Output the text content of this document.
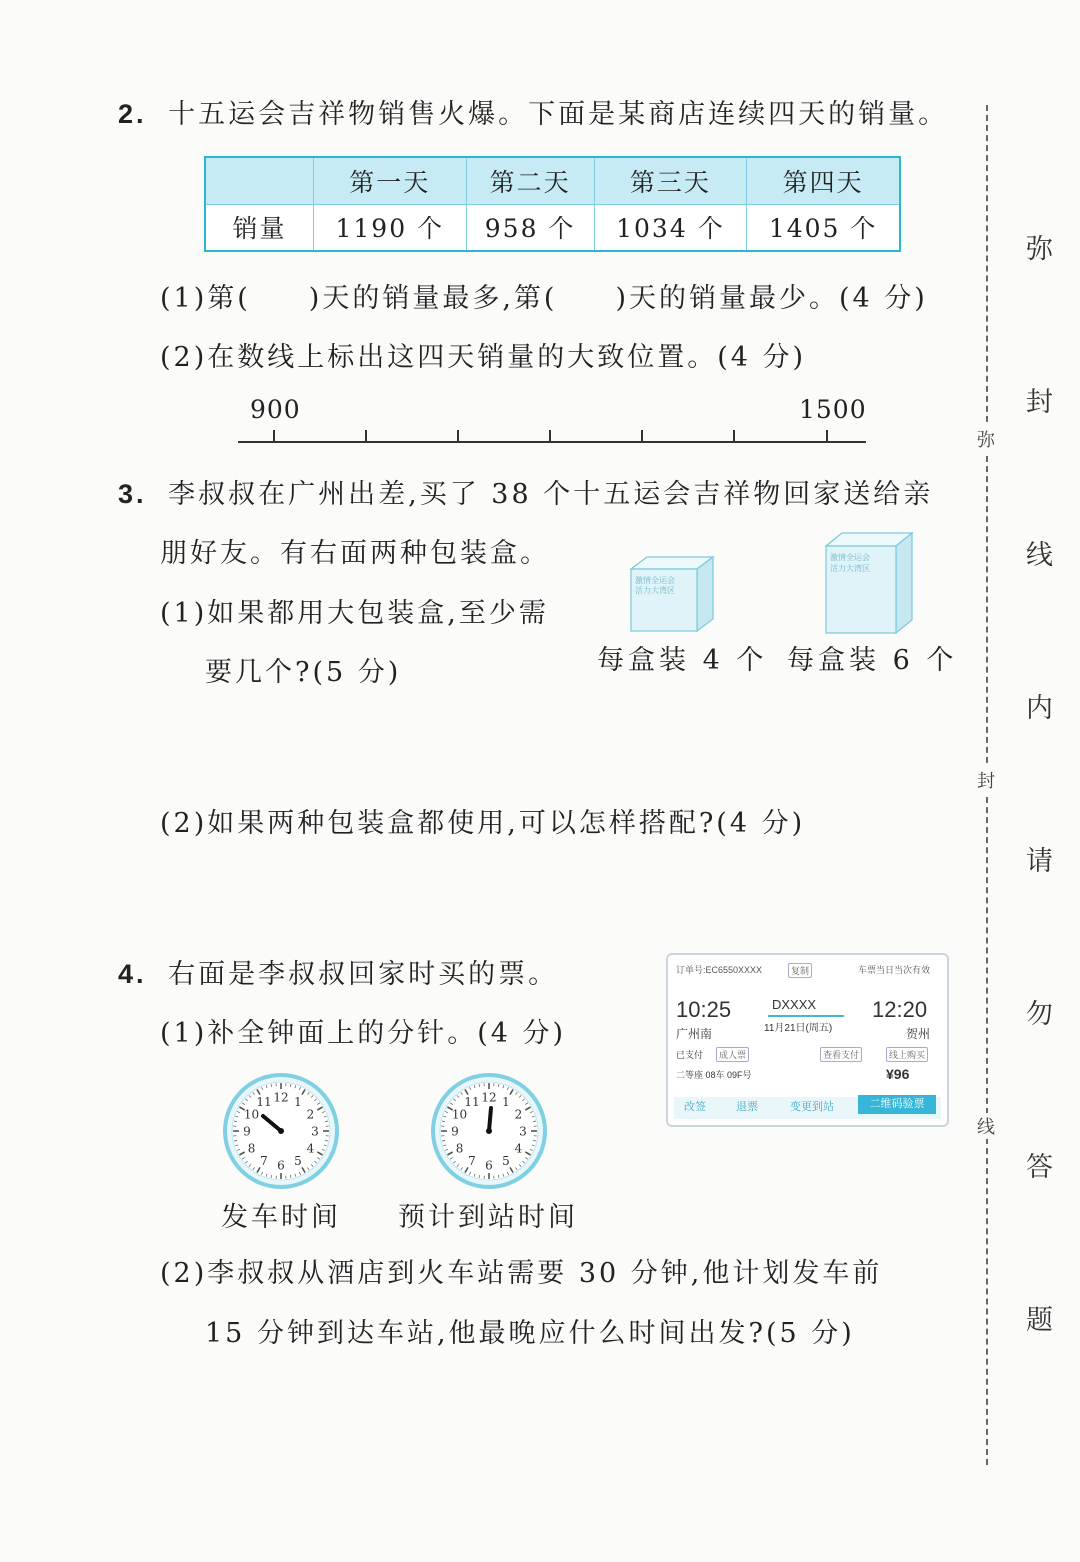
2. 十五运会吉祥物销售火爆。下面是某商店连续四天的销量。
	第一天	第二天	第三天	第四天
销量	1190 个	958 个	1034 个	1405 个
(1)第( )天的销量最多,第( )天的销量最少。(4 分)
(2)在数线上标出这四天销量的大致位置。(4 分)
900	1500
3. 李叔叔在广州出差,买了 38 个十五运会吉祥物回家送给亲
朋好友。有右面两种包装盒。
(1)如果都用大包装盒,至少需
要几个?(5 分)
激情全运会
活力大湾区
激情全运会
活力大湾区
每盒装 4 个 每盒装 6 个
(2)如果两种包装盒都使用,可以怎样搭配?(4 分)
4. 右面是李叔叔回家时买的票。
(1)补全钟面上的分针。(4 分)
12 1
2
3
4
5
6
7
8
9
10
11	12 1
2
3
4
5
6
7
8
9
10
11
发车时间 预计到站时间
订单号:EC6550XXXX	复制	车票当日当次有效
10:25
广州南
DXXXX
11月21日(周五)
12:20
贺州
已支付	成人票	查看支付	线上购买
二等座 08车 09F号	¥96
改签	退票	变更到站	二维码验票
(2)李叔叔从酒店到火车站需要 30 分钟,他计划发车前
15 分钟到达车站,他最晚应什么时间出发?(5 分)
弥
封
线
弥
封
线
内
请
勿
答
题
